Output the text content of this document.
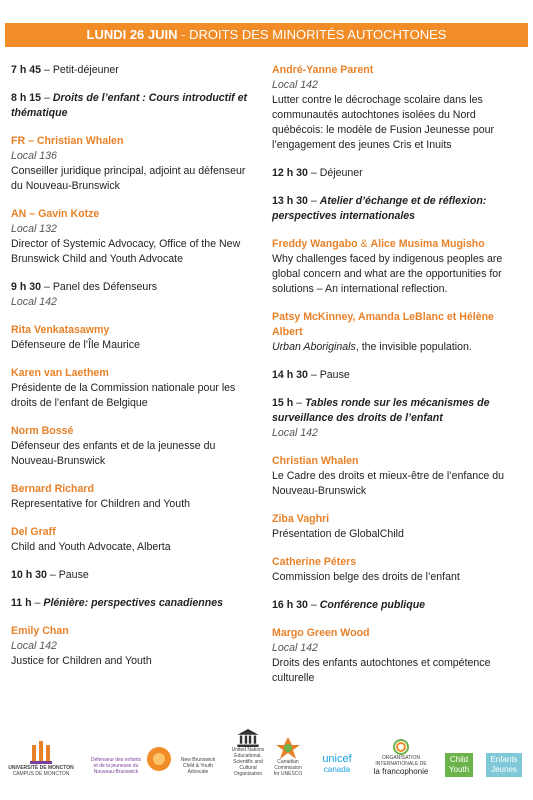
LUNDI 26 JUIN - DROITS DES MINORITÉS AUTOCHTONES
7 h 45 – Petit-déjeuner
8 h 15 – Droits de l’enfant : Cours introductif et thématique
FR – Christian Whalen
Local 136
Conseiller juridique principal, adjoint au défenseur du Nouveau-Brunswick
AN – Gavin Kotze
Local 132
Director of Systemic Advocacy, Office of the New Brunswick Child and Youth Advocate
9 h 30 – Panel des Défenseurs
Local 142
Rita Venkatasawmy
Défenseure de l’Île Maurice
Karen van Laethem
Présidente de la Commission nationale pour les droits de l’enfant de Belgique
Norm Bossé
Défenseur des enfants et de la jeunesse du Nouveau-Brunswick
Bernard Richard
Representative for Children and Youth
Del Graff
Child and Youth Advocate, Alberta
10 h 30 – Pause
11 h – Plénière: perspectives canadiennes
Emily Chan
Local 142
Justice for Children and Youth
André-Yanne Parent
Local 142
Lutter contre le décrochage scolaire dans les communautés autochtones isolées du Nord québécois: le modèle de Fusion Jeunesse pour l’engagement des jeunes Cris et Inuits
12 h 30 – Déjeuner
13 h 30 – Atelier d’échange et de réflexion: perspectives internationales
Freddy Wangabo & Alice Musima Mugisho
Why challenges faced by indigenous peoples are global concern and what are the opportunities for solutions – An international reflection.
Patsy McKinney, Amanda LeBlanc et Hélène Albert
Urban Aboriginals, the invisible population.
14 h 30 – Pause
15 h – Tables ronde sur les mécanismes de surveillance des droits de l’enfant
Local 142
Christian Whalen
Le Cadre des droits et mieux-être de l’enfance du Nouveau-Brunswick
Ziba Vaghri
Présentation de GlobalChild
Catherine Péters
Commission belge des droits de l’enfant
16 h 30 – Conférence publique
Margo Green Wood
Local 142
Droits des enfants autochtones et compétence culturelle
UNIVERSITÉ DE MONCTON
CAMPUS DE MONCTON
Défenseur des enfants et de la jeunesse du Nouveau-Brunswick
New Brunswick Child & Youth Advocate
United Nations
Educational, Scientific and
Cultural Organization
Canadian
Commission
for UNESCO
unicef
canada
ORGANISATION INTERNATIONALE DE
la francophonie
Child
Youth
Enfants
Jeunes
